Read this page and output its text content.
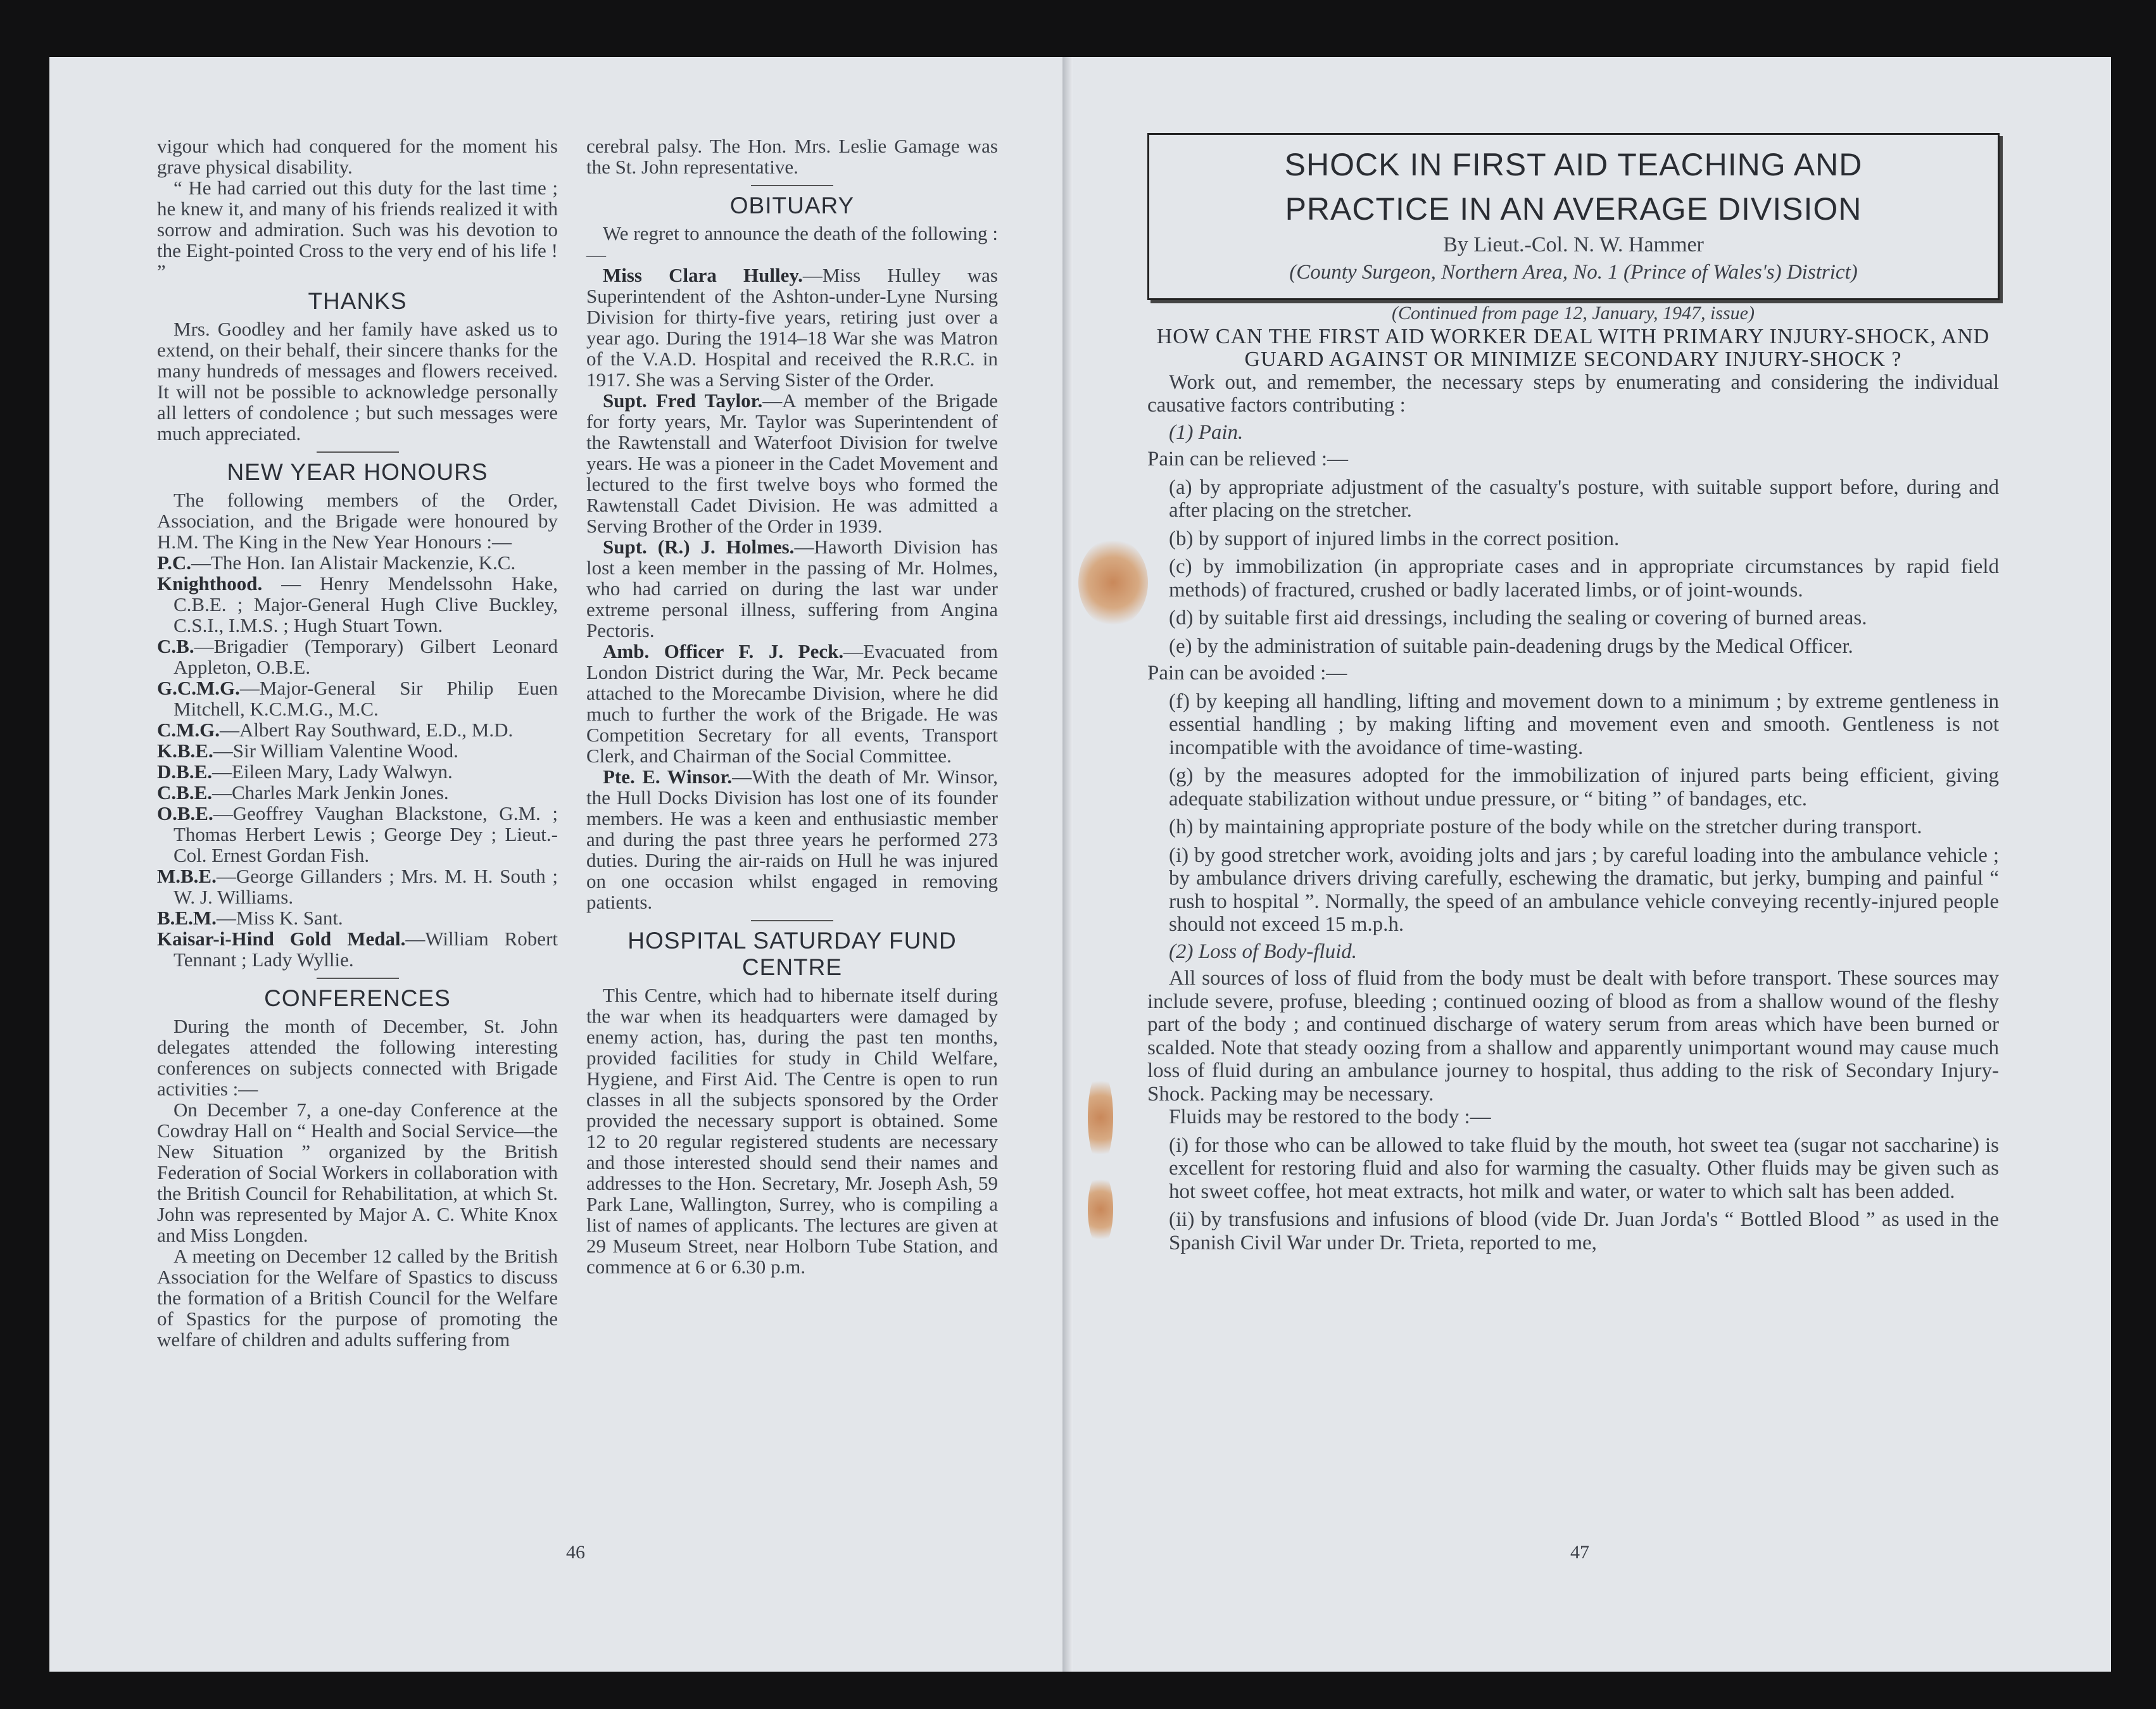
vigour which had conquered for the moment his grave physical disability.

“ He had carried out this duty for the last time ; he knew it, and many of his friends realized it with sorrow and admiration. Such was his devotion to the Eight-pointed Cross to the very end of his life ! ”

THANKS

Mrs. Goodley and her family have asked us to extend, on their behalf, their sincere thanks for the many hundreds of messages and flowers received. It will not be possible to acknowledge personally all letters of condolence ; but such messages were much appreciated.

NEW YEAR HONOURS

The following members of the Order, Association, and the Brigade were honoured by H.M. The King in the New Year Honours :—

P.C.—The Hon. Ian Alistair Mackenzie, K.C.

Knighthood. — Henry Mendelssohn Hake, C.B.E. ; Major-General Hugh Clive Buckley, C.S.I., I.M.S. ; Hugh Stuart Town.

C.B.—Brigadier (Temporary) Gilbert Leonard Appleton, O.B.E.

G.C.M.G.—Major-General Sir Philip Euen Mitchell, K.C.M.G., M.C.

C.M.G.—Albert Ray Southward, E.D., M.D.

K.B.E.—Sir William Valentine Wood.

D.B.E.—Eileen Mary, Lady Walwyn.

C.B.E.—Charles Mark Jenkin Jones.

O.B.E.—Geoffrey Vaughan Blackstone, G.M. ; Thomas Herbert Lewis ; George Dey ; Lieut.-Col. Ernest Gordan Fish.

M.B.E.—George Gillanders ; Mrs. M. H. South ; W. J. Williams.

B.E.M.—Miss K. Sant.

Kaisar-i-Hind Gold Medal.—William Robert Tennant ; Lady Wyllie.

CONFERENCES

During the month of December, St. John delegates attended the following interesting conferences on subjects connected with Brigade activities :—

On December 7, a one-day Conference at the Cowdray Hall on “ Health and Social Service—the New Situation ” organized by the British Federation of Social Workers in collaboration with the British Council for Rehabilitation, at which St. John was represented by Major A. C. White Knox and Miss Longden.

A meeting on December 12 called by the British Association for the Welfare of Spastics to discuss the formation of a British Council for the Welfare of Spastics for the purpose of promoting the welfare of children and adults suffering from

cerebral palsy. The Hon. Mrs. Leslie Gamage was the St. John representative.

OBITUARY

We regret to announce the death of the following :—

Miss Clara Hulley.—Miss Hulley was Superintendent of the Ashton-under-Lyne Nursing Division for thirty-five years, retiring just over a year ago. During the 1914–18 War she was Matron of the V.A.D. Hospital and received the R.R.C. in 1917. She was a Serving Sister of the Order.

Supt. Fred Taylor.—A member of the Brigade for forty years, Mr. Taylor was Superintendent of the Rawtenstall and Waterfoot Division for twelve years. He was a pioneer in the Cadet Movement and lectured to the first twelve boys who formed the Rawtenstall Cadet Division. He was admitted a Serving Brother of the Order in 1939.

Supt. (R.) J. Holmes.—Haworth Division has lost a keen member in the passing of Mr. Holmes, who had carried on during the last war under extreme personal illness, suffering from Angina Pectoris.

Amb. Officer F. J. Peck.—Evacuated from London District during the War, Mr. Peck became attached to the Morecambe Division, where he did much to further the work of the Brigade. He was Competition Secretary for all events, Transport Clerk, and Chairman of the Social Committee.

Pte. E. Winsor.—With the death of Mr. Winsor, the Hull Docks Division has lost one of its founder members. He was a keen and enthusiastic member and during the past three years he performed 273 duties. During the air-raids on Hull he was injured on one occasion whilst engaged in removing patients.

HOSPITAL SATURDAY FUND CENTRE

This Centre, which had to hibernate itself during the war when its headquarters were damaged by enemy action, has, during the past ten months, provided facilities for study in Child Welfare, Hygiene, and First Aid. The Centre is open to run classes in all the subjects sponsored by the Order provided the necessary support is obtained. Some 12 to 20 regular registered students are necessary and those interested should send their names and addresses to the Hon. Secretary, Mr. Joseph Ash, 59 Park Lane, Wallington, Surrey, who is compiling a list of names of applicants. The lectures are given at 29 Museum Street, near Holborn Tube Station, and commence at 6 or 6.30 p.m.

46
SHOCK IN FIRST AID TEACHING AND
PRACTICE IN AN AVERAGE DIVISION
By Lieut.-Col. N. W. Hammer
(County Surgeon, Northern Area, No. 1 (Prince of Wales's) District)

(Continued from page 12, January, 1947, issue)

HOW CAN THE FIRST AID WORKER DEAL WITH PRIMARY INJURY-SHOCK, AND GUARD AGAINST OR MINIMIZE SECONDARY INJURY-SHOCK ?

Work out, and remember, the necessary steps by enumerating and considering the individual causative factors contributing :

(1) Pain.

Pain can be relieved :—

(a) by appropriate adjustment of the casualty's posture, with suitable support before, during and after placing on the stretcher.

(b) by support of injured limbs in the correct position.

(c) by immobilization (in appropriate cases and in appropriate circumstances by rapid field methods) of fractured, crushed or badly lacerated limbs, or of joint-wounds.

(d) by suitable first aid dressings, including the sealing or covering of burned areas.

(e) by the administration of suitable pain-deadening drugs by the Medical Officer.

Pain can be avoided :—

(f) by keeping all handling, lifting and movement down to a minimum ; by extreme gentleness in essential handling ; by making lifting and movement even and smooth. Gentleness is not incompatible with the avoidance of time-wasting.

(g) by the measures adopted for the immobilization of injured parts being efficient, giving adequate stabilization without undue pressure, or “ biting ” of bandages, etc.

(h) by maintaining appropriate posture of the body while on the stretcher during transport.

(i) by good stretcher work, avoiding jolts and jars ; by careful loading into the ambulance vehicle ; by ambulance drivers driving carefully, eschewing the dramatic, but jerky, bumping and painful “ rush to hospital ”. Normally, the speed of an ambulance vehicle conveying recently-injured people should not exceed 15 m.p.h.

(2) Loss of Body-fluid.

All sources of loss of fluid from the body must be dealt with before transport. These sources may include severe, profuse, bleeding ; continued oozing of blood as from a shallow wound of the fleshy part of the body ; and continued discharge of watery serum from areas which have been burned or scalded. Note that steady oozing from a shallow and apparently unimportant wound may cause much loss of fluid during an ambulance journey to hospital, thus adding to the risk of Secondary Injury-Shock. Packing may be necessary.

Fluids may be restored to the body :—

(i) for those who can be allowed to take fluid by the mouth, hot sweet tea (sugar not saccharine) is excellent for restoring fluid and also for warming the casualty. Other fluids may be given such as hot sweet coffee, hot meat extracts, hot milk and water, or water to which salt has been added.

(ii) by transfusions and infusions of blood (vide Dr. Juan Jorda's “ Bottled Blood ” as used in the Spanish Civil War under Dr. Trieta, reported to me,

47
